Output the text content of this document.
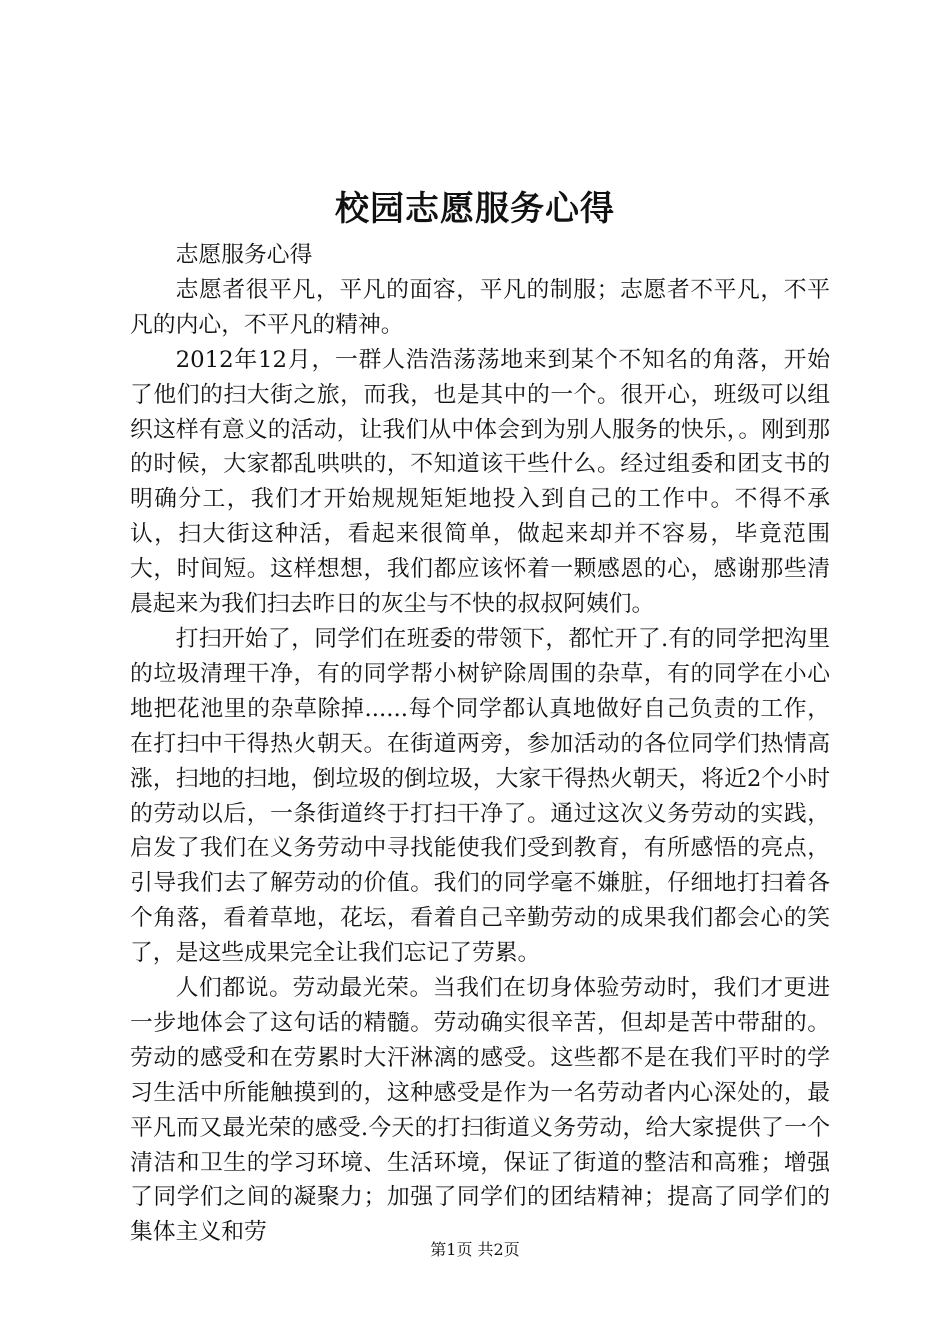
校园志愿服务心得

志愿服务心得

志愿者很平凡，平凡的面容，平凡的制服；志愿者不平凡，不平凡的内心，不平凡的精神。

2012年12月，一群人浩浩荡荡地来到某个不知名的角落，开始了他们的扫大街之旅，而我，也是其中的一个。很开心，班级可以组织这样有意义的活动，让我们从中体会到为别人服务的快乐，。刚到那的时候，大家都乱哄哄的，不知道该干些什么。经过组委和团支书的明确分工，我们才开始规规矩矩地投入到自己的工作中。不得不承认，扫大街这种活，看起来很简单，做起来却并不容易，毕竟范围大，时间短。这样想想，我们都应该怀着一颗感恩的心，感谢那些清晨起来为我们扫去昨日的灰尘与不快的叔叔阿姨们。

打扫开始了，同学们在班委的带领下，都忙开了.有的同学把沟里的垃圾清理干净，有的同学帮小树铲除周围的杂草，有的同学在小心地把花池里的杂草除掉......每个同学都认真地做好自己负责的工作，在打扫中干得热火朝天。在街道两旁，参加活动的各位同学们热情高涨，扫地的扫地，倒垃圾的倒垃圾，大家干得热火朝天，将近2个小时的劳动以后，一条街道终于打扫干净了。通过这次义务劳动的实践，启发了我们在义务劳动中寻找能使我们受到教育，有所感悟的亮点，引导我们去了解劳动的价值。我们的同学毫不嫌脏，仔细地打扫着各个角落，看着草地，花坛，看着自己辛勤劳动的成果我们都会心的笑了，是这些成果完全让我们忘记了劳累。

人们都说。劳动最光荣。当我们在切身体验劳动时，我们才更进一步地体会了这句话的精髓。劳动确实很辛苦，但却是苦中带甜的。劳动的感受和在劳累时大汗淋漓的感受。这些都不是在我们平时的学习生活中所能触摸到的，这种感受是作为一名劳动者内心深处的，最平凡而又最光荣的感受.今天的打扫街道义务劳动，给大家提供了一个清洁和卫生的学习环境、生活环境，保证了街道的整洁和高雅；增强了同学们之间的凝聚力；加强了同学们的团结精神；提高了同学们的集体主义和劳

第1页 共2页
